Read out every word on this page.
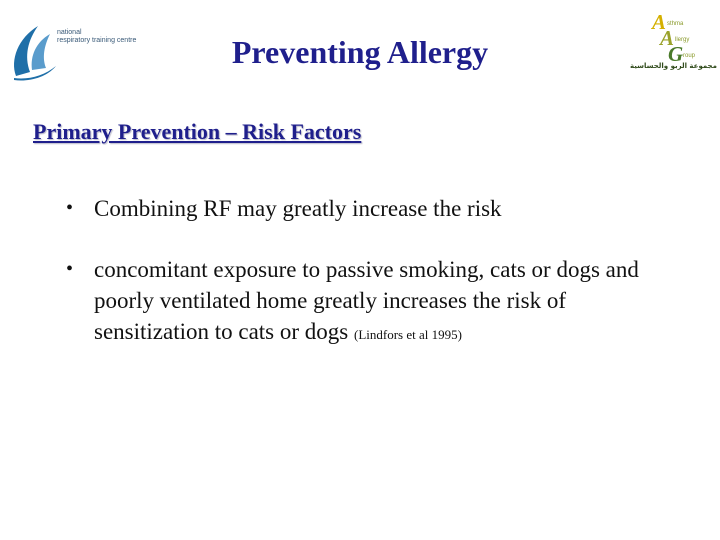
national
respiratory training centre
A sthma
A llergy
G roup
مجموعة الربو والحساسية
Preventing Allergy
Primary Prevention – Risk Factors
• Combining RF may greatly increase the risk
• concomitant exposure to passive smoking, cats or dogs and poorly ventilated home greatly increases the risk of sensitization to cats or dogs (Lindfors et al 1995)
